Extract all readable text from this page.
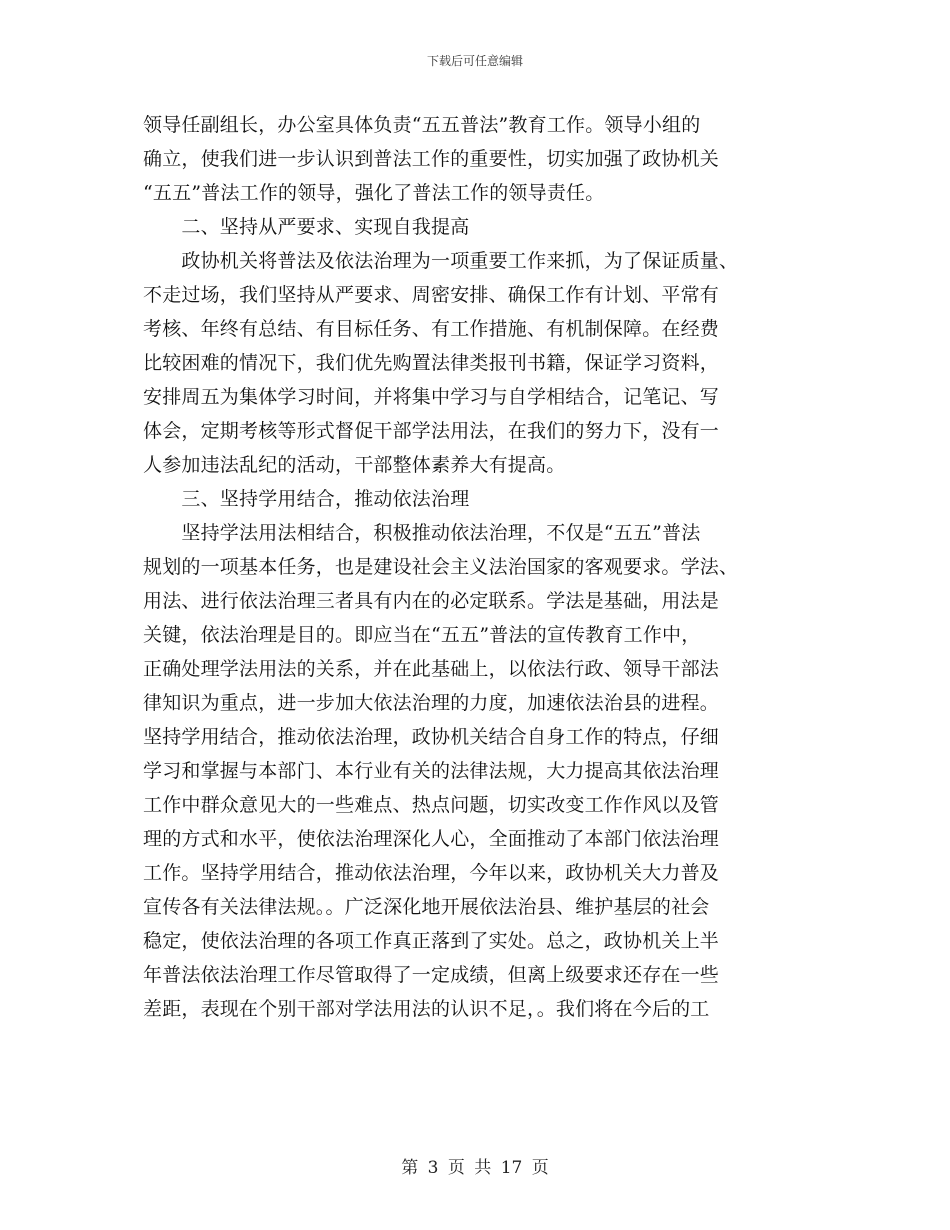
下载后可任意编辑
领导任副组长，办公室具体负责“五五普法”教育工作。领导小组的
确立，使我们进一步认识到普法工作的重要性，切实加强了政协机关
“五五”普法工作的领导，强化了普法工作的领导责任。
　　二、坚持从严要求、实现自我提高
　　政协机关将普法及依法治理为一项重要工作来抓，为了保证质量、
不走过场，我们坚持从严要求、周密安排、确保工作有计划、平常有
考核、年终有总结、有目标任务、有工作措施、有机制保障。在经费
比较困难的情况下，我们优先购置法律类报刊书籍，保证学习资料，
安排周五为集体学习时间，并将集中学习与自学相结合，记笔记、写
体会，定期考核等形式督促干部学法用法，在我们的努力下，没有一
人参加违法乱纪的活动，干部整体素养大有提高。
　　三、坚持学用结合，推动依法治理
　　坚持学法用法相结合，积极推动依法治理，不仅是“五五”普法
规划的一项基本任务，也是建设社会主义法治国家的客观要求。学法、
用法、进行依法治理三者具有内在的必定联系。学法是基础，用法是
关键，依法治理是目的。即应当在“五五”普法的宣传教育工作中，
正确处理学法用法的关系，并在此基础上，以依法行政、领导干部法
律知识为重点，进一步加大依法治理的力度，加速依法治县的进程。
坚持学用结合，推动依法治理，政协机关结合自身工作的特点，仔细
学习和掌握与本部门、本行业有关的法律法规，大力提高其依法治理
工作中群众意见大的一些难点、热点问题，切实改变工作作风以及管
理的方式和水平，使依法治理深化人心，全面推动了本部门依法治理
工作。坚持学用结合，推动依法治理，今年以来，政协机关大力普及
宣传各有关法律法规。。广泛深化地开展依法治县、维护基层的社会
稳定，使依法治理的各项工作真正落到了实处。总之，政协机关上半
年普法依法治理工作尽管取得了一定成绩，但离上级要求还存在一些
差距，表现在个别干部对学法用法的认识不足，。我们将在今后的工
第 3 页 共 17 页
